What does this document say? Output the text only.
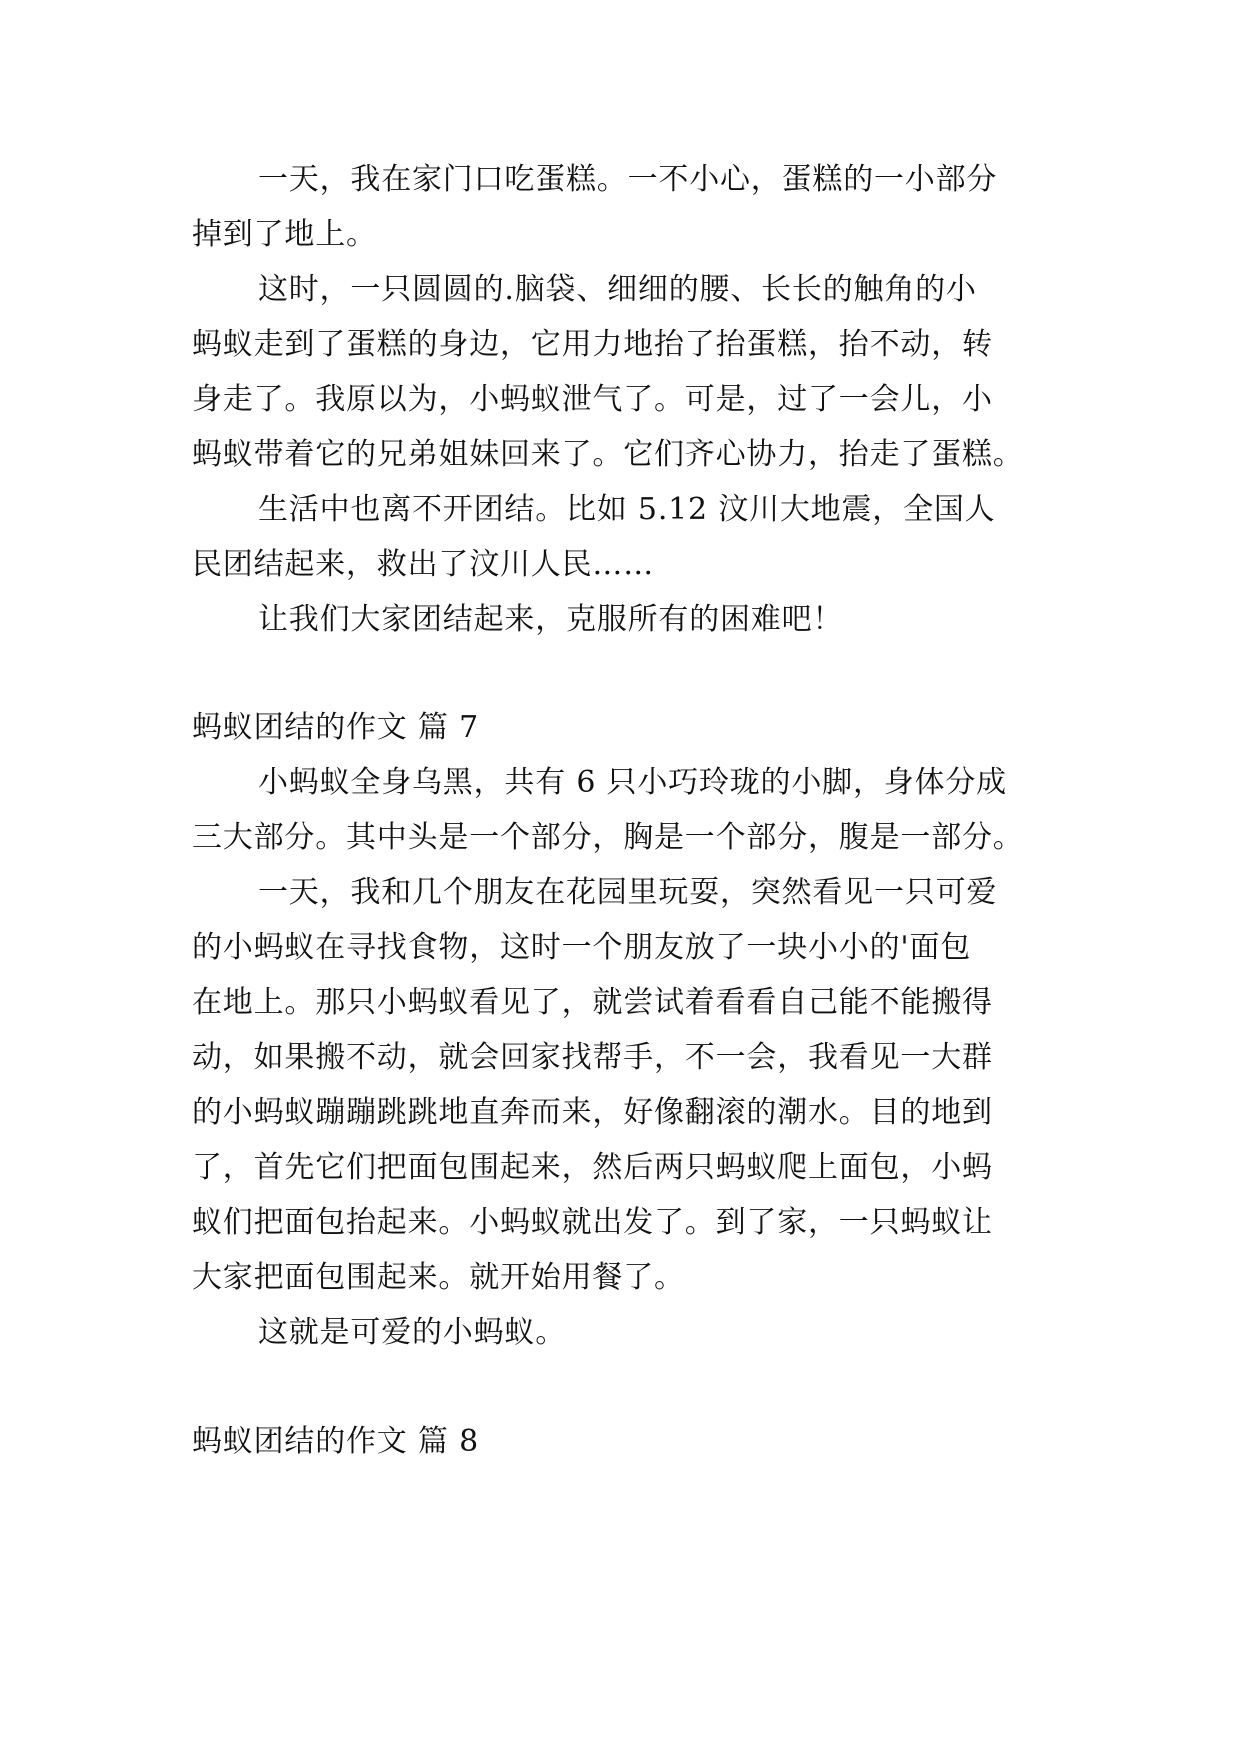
一天，我在家门口吃蛋糕。一不小心，蛋糕的一小部分
掉到了地上。
这时，一只圆圆的.脑袋、细细的腰、长长的触角的小
蚂蚁走到了蛋糕的身边，它用力地抬了抬蛋糕，抬不动，转
身走了。我原以为，小蚂蚁泄气了。可是，过了一会儿，小
蚂蚁带着它的兄弟姐妹回来了。它们齐心协力，抬走了蛋糕。
生活中也离不开团结。比如 5.12 汶川大地震，全国人
民团结起来，救出了汶川人民……
让我们大家团结起来，克服所有的困难吧！
蚂蚁团结的作文 篇 7
小蚂蚁全身乌黑，共有 6 只小巧玲珑的小脚，身体分成
三大部分。其中头是一个部分，胸是一个部分，腹是一部分。
一天，我和几个朋友在花园里玩耍，突然看见一只可爱
的小蚂蚁在寻找食物，这时一个朋友放了一块小小的'面包
在地上。那只小蚂蚁看见了，就尝试着看看自己能不能搬得
动，如果搬不动，就会回家找帮手，不一会，我看见一大群
的小蚂蚁蹦蹦跳跳地直奔而来，好像翻滚的潮水。目的地到
了，首先它们把面包围起来，然后两只蚂蚁爬上面包，小蚂
蚁们把面包抬起来。小蚂蚁就出发了。到了家，一只蚂蚁让
大家把面包围起来。就开始用餐了。
这就是可爱的小蚂蚁。
蚂蚁团结的作文 篇 8
